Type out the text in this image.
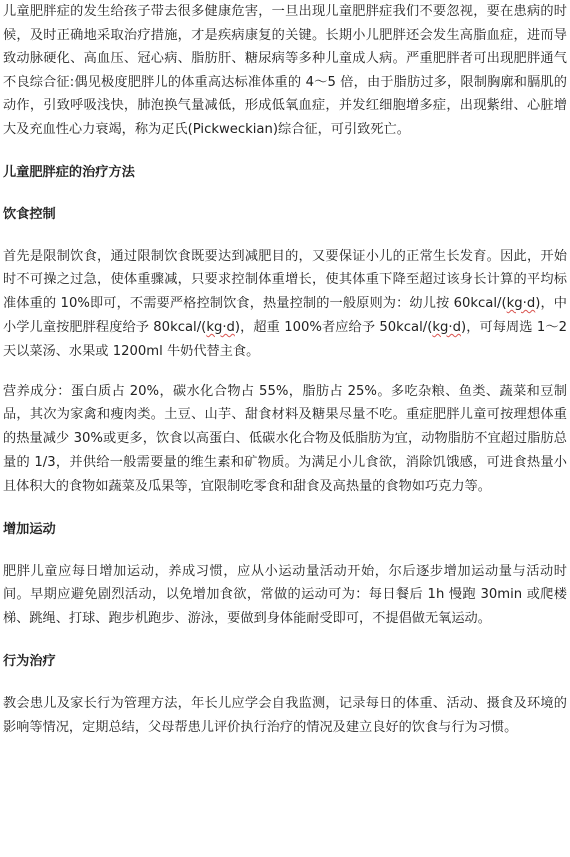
儿童肥胖症的发生给孩子带去很多健康危害，一旦出现儿童肥胖症我们不要忽视，要在患病的时候，及时正确地采取治疗措施，才是疾病康复的关键。长期小儿肥胖还会发生高脂血症，进而导致动脉硬化、高血压、冠心病、脂肪肝、糖尿病等多种儿童成人病。严重肥胖者可出现肥胖通气不良综合征:偶见极度肥胖儿的体重高达标准体重的 4～5 倍，由于脂肪过多，限制胸廓和膈肌的动作，引致呼吸浅快，肺泡换气量减低，形成低氧血症，并发红细胞增多症，出现紫绀、心脏增大及充血性心力衰竭，称为疋氏(Pickweckian)综合征，可引致死亡。

儿童肥胖症的治疗方法

饮食控制

首先是限制饮食，通过限制饮食既要达到减肥目的，又要保证小儿的正常生长发育。因此，开始时不可操之过急，使体重骤减，只要求控制体重增长，使其体重下降至超过该身长计算的平均标准体重的 10%即可，不需要严格控制饮食，热量控制的一般原则为：幼儿按 60kcal/(kg·d)，中小学儿童按肥胖程度给予 80kcal/(kg·d)，超重 100%者应给予 50kcal/(kg·d)，可每周选 1～2 天以菜汤、水果或 1200ml 牛奶代替主食。

营养成分：蛋白质占 20%，碳水化合物占 55%，脂肪占 25%。多吃杂粮、鱼类、蔬菜和豆制品，其次为家禽和瘦肉类。土豆、山芋、甜食材料及糖果尽量不吃。重症肥胖儿童可按理想体重的热量减少 30%或更多，饮食以高蛋白、低碳水化合物及低脂肪为宜，动物脂肪不宜超过脂肪总量的 1/3，并供给一般需要量的维生素和矿物质。为满足小儿食欲，消除饥饿感，可进食热量小且体积大的食物如蔬菜及瓜果等，宜限制吃零食和甜食及高热量的食物如巧克力等。

增加运动

肥胖儿童应每日增加运动，养成习惯，应从小运动量活动开始，尔后逐步增加运动量与活动时间。早期应避免剧烈活动，以免增加食欲，常做的运动可为：每日餐后 1h 慢跑 30min 或爬楼梯、跳绳、打球、跑步机跑步、游泳，要做到身体能耐受即可，不提倡做无氧运动。

行为治疗

教会患儿及家长行为管理方法，年长儿应学会自我监测，记录每日的体重、活动、摄食及环境的影响等情况，定期总结，父母帮患儿评价执行治疗的情况及建立良好的饮食与行为习惯。
